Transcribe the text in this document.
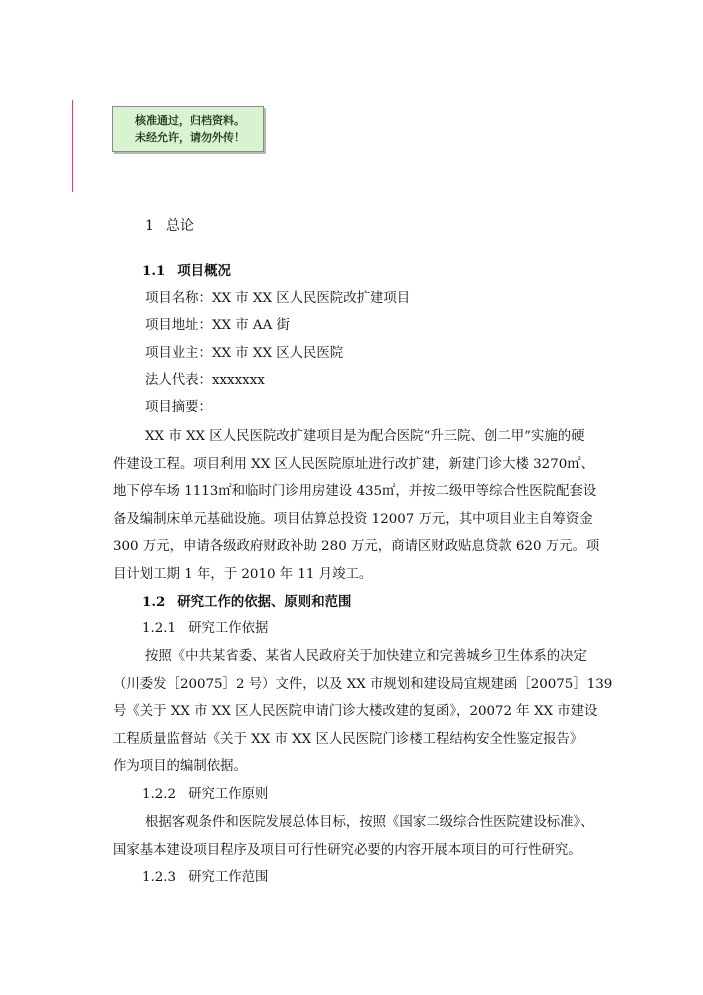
核准通过，归档资料。
未经允许，请勿外传！
1 总论
1.1 项目概况
项目名称：XX 市 XX 区人民医院改扩建项目
项目地址：XX 市 AA 街
项目业主：XX 市 XX 区人民医院
法人代表：xxxxxxx
项目摘要：
XX 市 XX 区人民医院改扩建项目是为配合医院“升三院、创二甲”实施的硬
件建设工程。项目利用 XX 区人民医院原址进行改扩建，新建门诊大楼 3270㎡、
地下停车场 1113㎡和临时门诊用房建设 435㎡，并按二级甲等综合性医院配套设
备及编制床单元基础设施。项目估算总投资 12007 万元，其中项目业主自筹资金
300 万元，申请各级政府财政补助 280 万元，商请区财政贴息贷款 620 万元。项
目计划工期 1 年，于 2010 年 11 月竣工。
1.2 研究工作的依据、原则和范围
1.2.1 研究工作依据
按照《中共某省委、某省人民政府关于加快建立和完善城乡卫生体系的决定
（川委发［20075］2 号）文件，以及 XX 市规划和建设局宜规建函［20075］139
号《关于 XX 市 XX 区人民医院申请门诊大楼改建的复函》，20072 年 XX 市建设
工程质量监督站《关于 XX 市 XX 区人民医院门诊楼工程结构安全性鉴定报告》
作为项目的编制依据。
1.2.2 研究工作原则
根据客观条件和医院发展总体目标，按照《国家二级综合性医院建设标准》、
国家基本建设项目程序及项目可行性研究必要的内容开展本项目的可行性研究。
1.2.3 研究工作范围
